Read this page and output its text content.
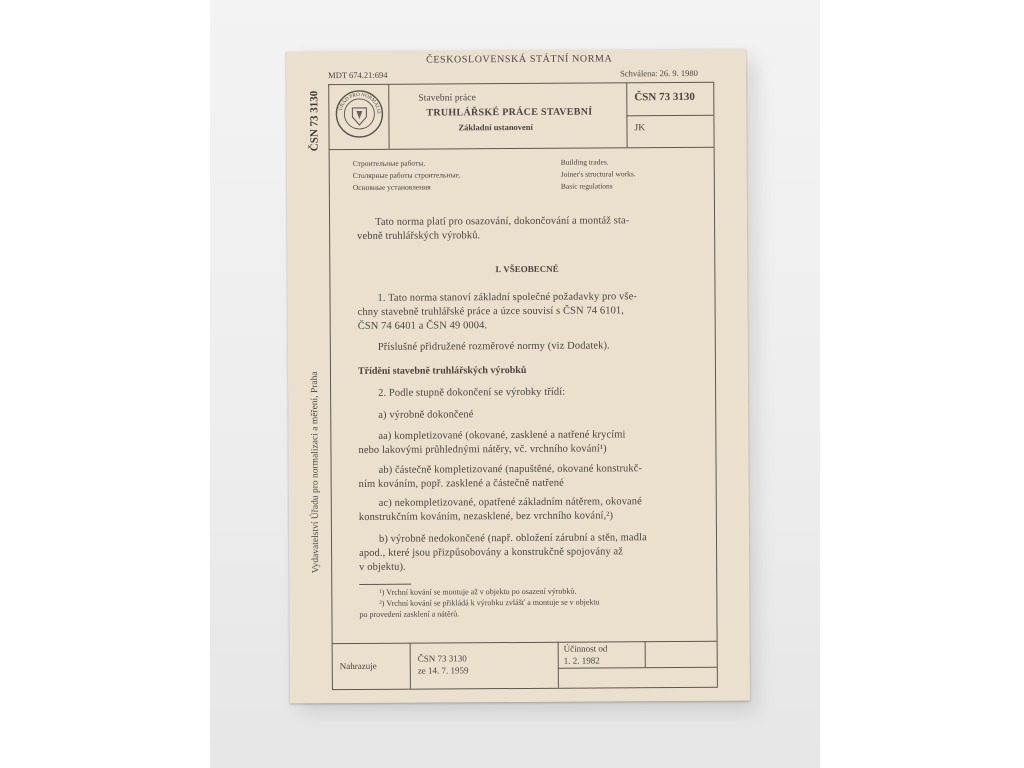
ČESKOSLOVENSKÁ STÁTNÍ NORMA
MDT 674.21:694	Schválena: 26. 9. 1980
ÚŘAD PRO NORMALIZACI
Stavební práce
TRUHLÁŘSKÉ PRÁCE STAVEBNÍ
Základní ustanovení
ČSN 73 3130
JK
ČSN 73 3130
Vydavatelství Úřadu pro normalizaci a měření, Praha
Строительные работы.
Столярные работы строительные.
Основные установления
Building trades.
Joiner's structural works.
Basic regulations
Tato norma platí pro osazování, dokončování a montáž sta-
vebně truhlářských výrobků.
I. VŠEOBECNÉ
1. Tato norma stanoví základní společné požadavky pro vše-
chny stavebně truhlářské práce a úzce souvisí s ČSN 74 6101,
ČSN 74 6401 a ČSN 49 0004.
Příslušné přidružené rozměrové normy (viz Dodatek).
Třídění stavebně truhlářských výrobků
2. Podle stupně dokončení se výrobky třídí:
a) výrobně dokončené
aa) kompletizované (okované, zasklené a natřené krycími
nebo lakovými průhlednými nátěry, vč. vrchního kování¹)
ab) částečně kompletizované (napuštěné, okované konstrukč-
ním kováním, popř. zasklené a částečně natřené
ac) nekompletizované, opatřené základním nátěrem, okované
konstrukčním kováním, nezasklené, bez vrchního kování,²)
b) výrobně nedokončené (např. obložení zárubní a stěn, madla
apod., které jsou přizpůsobovány a konstrukčně spojovány až
v objektu).
¹) Vrchní kování se montuje až v objektu po osazení výrobků.
²) Vrchní kování se přikládá k výrobku zvlášť a montuje se v objektu
po provedení zasklení a nátěrů.
Nahrazuje
ČSN 73 3130
ze 14. 7. 1959
Účinnost od
1. 2. 1982
